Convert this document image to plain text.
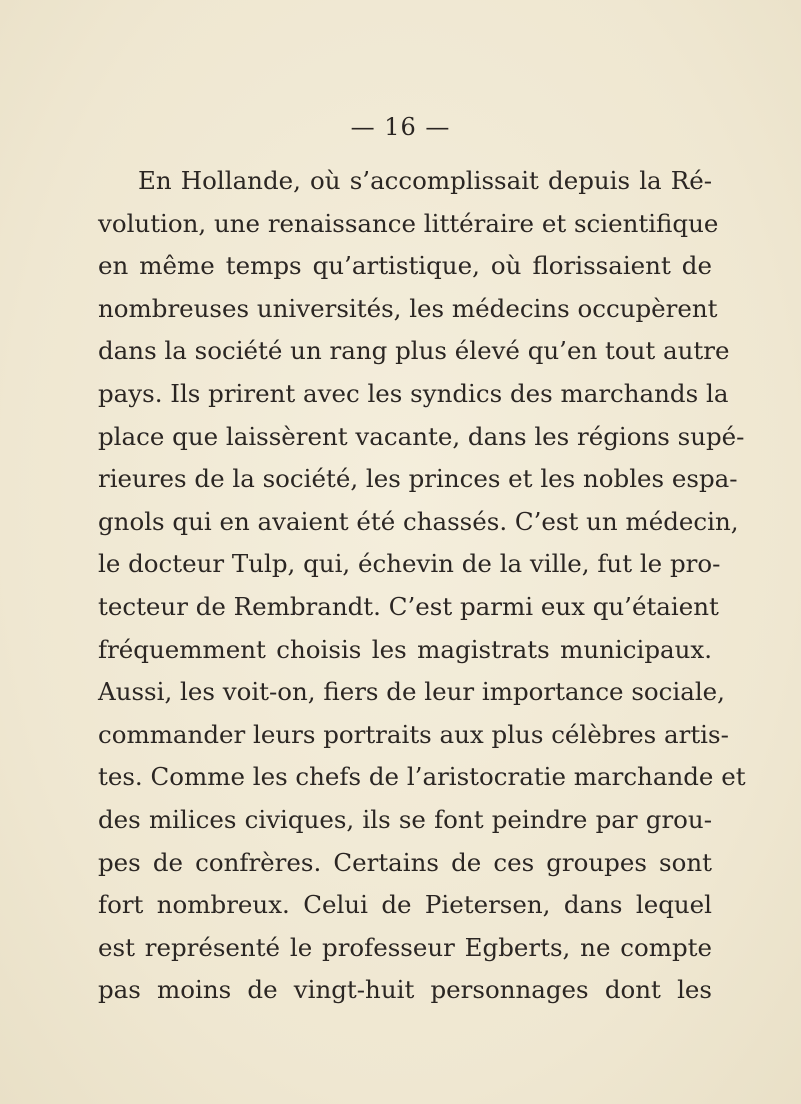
— 16 —
En Hollande, où s’accomplissait depuis la Ré-
volution, une renaissance littéraire et scientifique
en même temps qu’artistique, où florissaient de
nombreuses universités, les médecins occupèrent
dans la société un rang plus élevé qu’en tout autre
pays. Ils prirent avec les syndics des marchands la
place que laissèrent vacante, dans les régions supé-
rieures de la société, les princes et les nobles espa-
gnols qui en avaient été chassés. C’est un médecin,
le docteur Tulp, qui, échevin de la ville, fut le pro-
tecteur de Rembrandt. C’est parmi eux qu’étaient
fréquemment choisis les magistrats municipaux.
Aussi, les voit-on, fiers de leur importance sociale,
commander leurs portraits aux plus célèbres artis-
tes. Comme les chefs de l’aristocratie marchande et
des milices civiques, ils se font peindre par grou-
pes de confrères. Certains de ces groupes sont
fort nombreux. Celui de Pietersen, dans lequel
est représenté le professeur Egberts, ne compte
pas moins de vingt-huit personnages dont les
